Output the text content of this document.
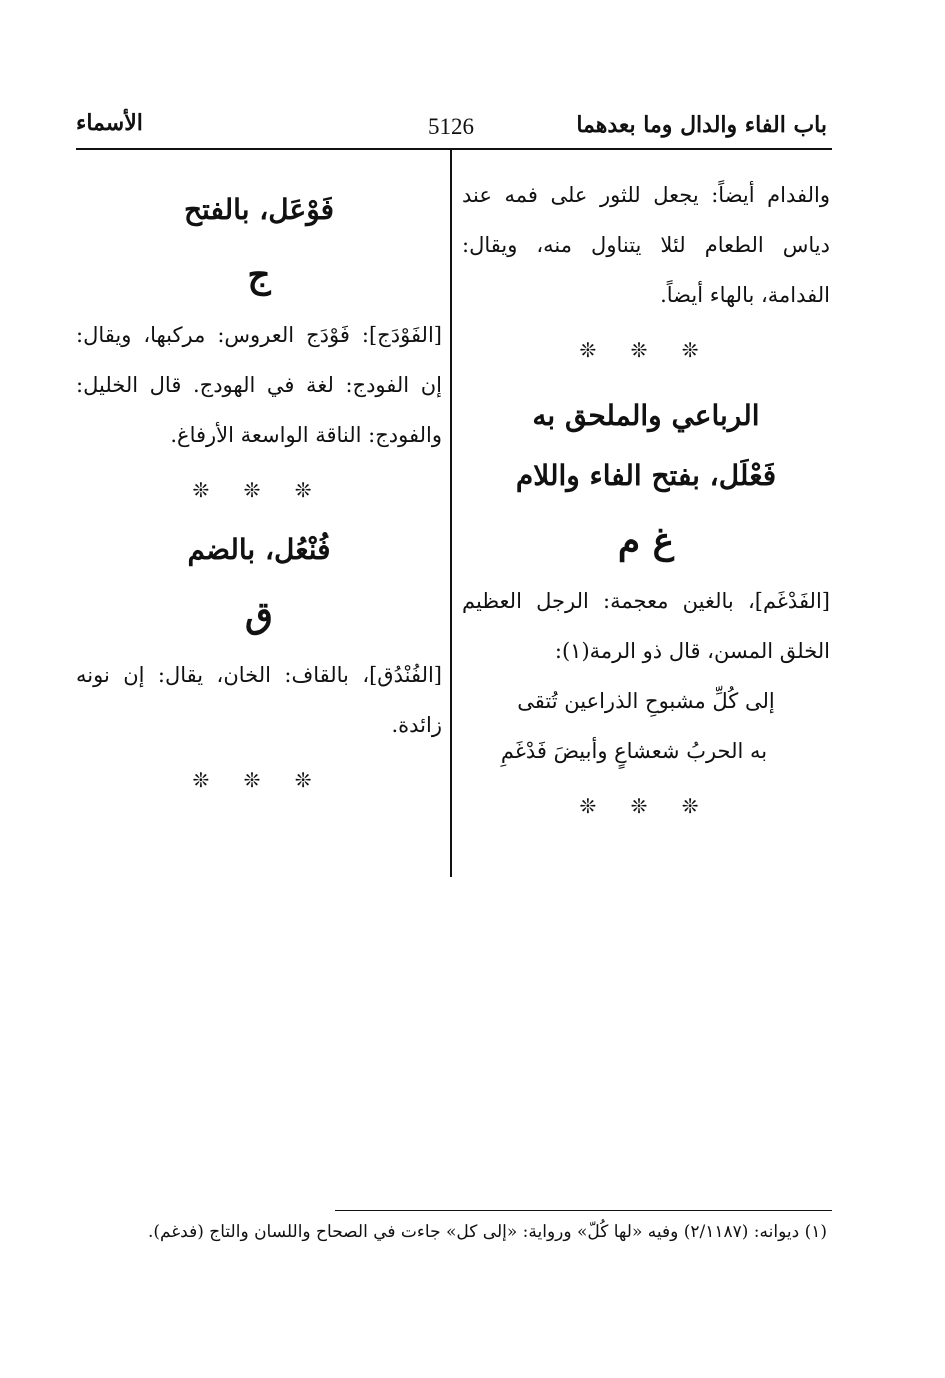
باب الفاء والدال وما بعدهما
5126
الأسماء

والفدام أيضاً: يجعل للثور على فمه عند دياس الطعام لئلا يتناول منه، ويقال: الفدامة، بالهاء أيضاً.

❊ ❊ ❊
الرباعي والملحق به
فَعْلَل، بفتح الفاء واللام
غ م

[الفَدْغَم]، بالغين معجمة: الرجل العظيم الخلق المسن، قال ذو الرمة(١):

إلى كُلِّ مشبوحِ الذراعين تُتقى
به الحربُ شعشاعٍ وأبيضَ فَدْغَمِ
❊ ❊ ❊
فَوْعَل، بالفتح
ج

[الفَوْدَج]: فَوْدَج العروس: مركبها، ويقال: إن الفودج: لغة في الهودج. قال الخليل: والفودج: الناقة الواسعة الأرفاغ.

❊ ❊ ❊
فُنْعُل، بالضم
ق

[الفُنْدُق]، بالقاف: الخان، يقال: إن نونه زائدة.

❊ ❊ ❊
(١) ديوانه: (٢/١١٨٧) وفيه «لها كُلّ» ورواية: «إلى كل» جاءت في الصحاح واللسان والتاج (فدغم).
